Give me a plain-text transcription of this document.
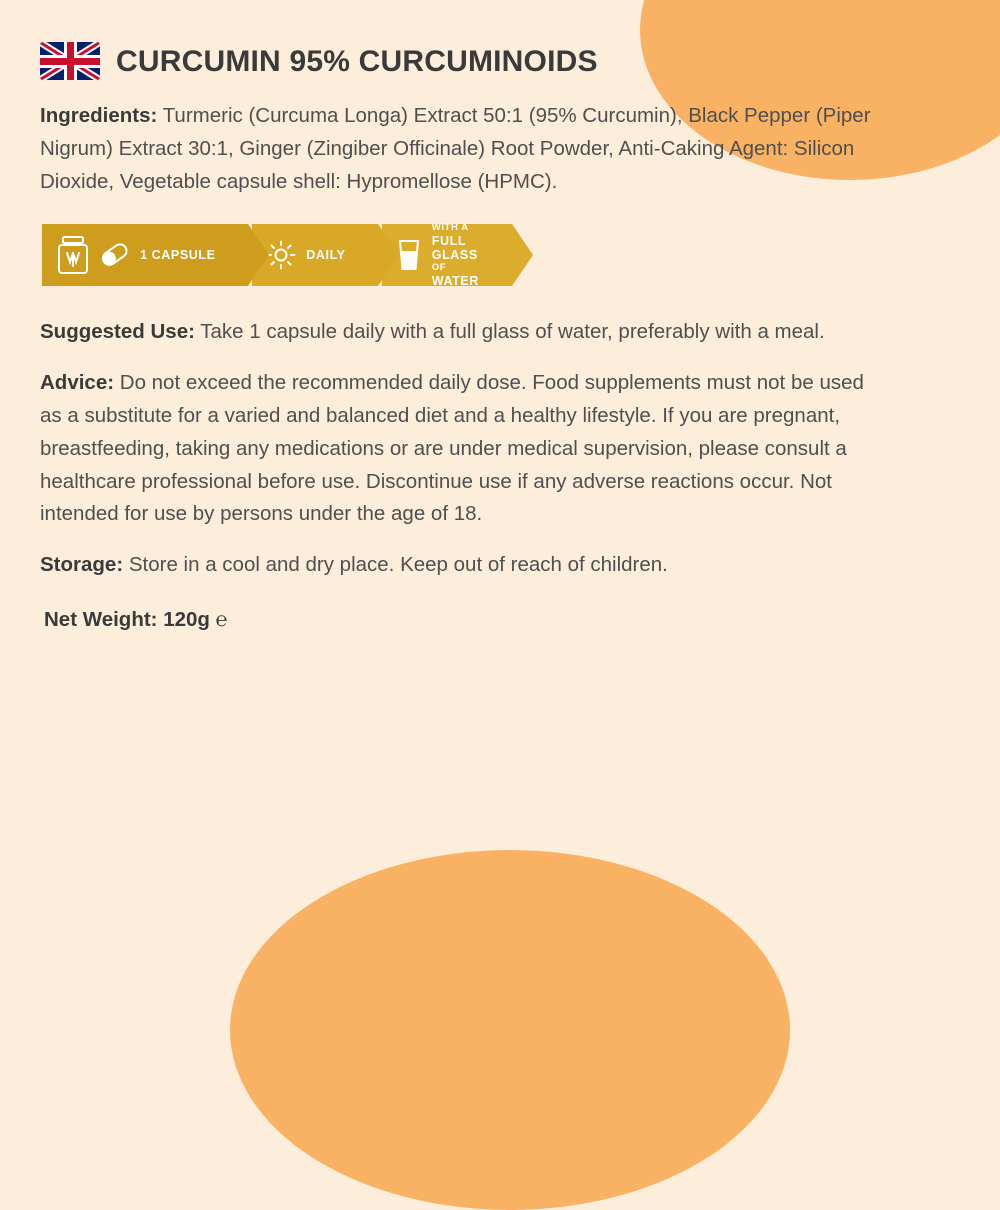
CURCUMIN 95% CURCUMINOIDS

Ingredients: Turmeric (Curcuma Longa) Extract 50:1 (95% Curcumin), Black Pepper (Piper Nigrum) Extract 30:1, Ginger (Zingiber Officinale) Root Powder, Anti-Caking Agent: Silicon Dioxide, Vegetable capsule shell: Hypromellose (HPMC).

1 CAPSULE	DAILY
WITH A FULL
GLASS
OF
WATER

Suggested Use: Take 1 capsule daily with a full glass of water, preferably with a meal.

Advice: Do not exceed the recommended daily dose. Food supplements must not be used as a substitute for a varied and balanced diet and a healthy lifestyle. If you are pregnant, breastfeeding, taking any medications or are under medical supervision, please consult a healthcare professional before use. Discontinue use if any adverse reactions occur. Not intended for use by persons under the age of 18.

Storage: Store in a cool and dry place. Keep out of reach of children.

Net Weight: 120g ℮
